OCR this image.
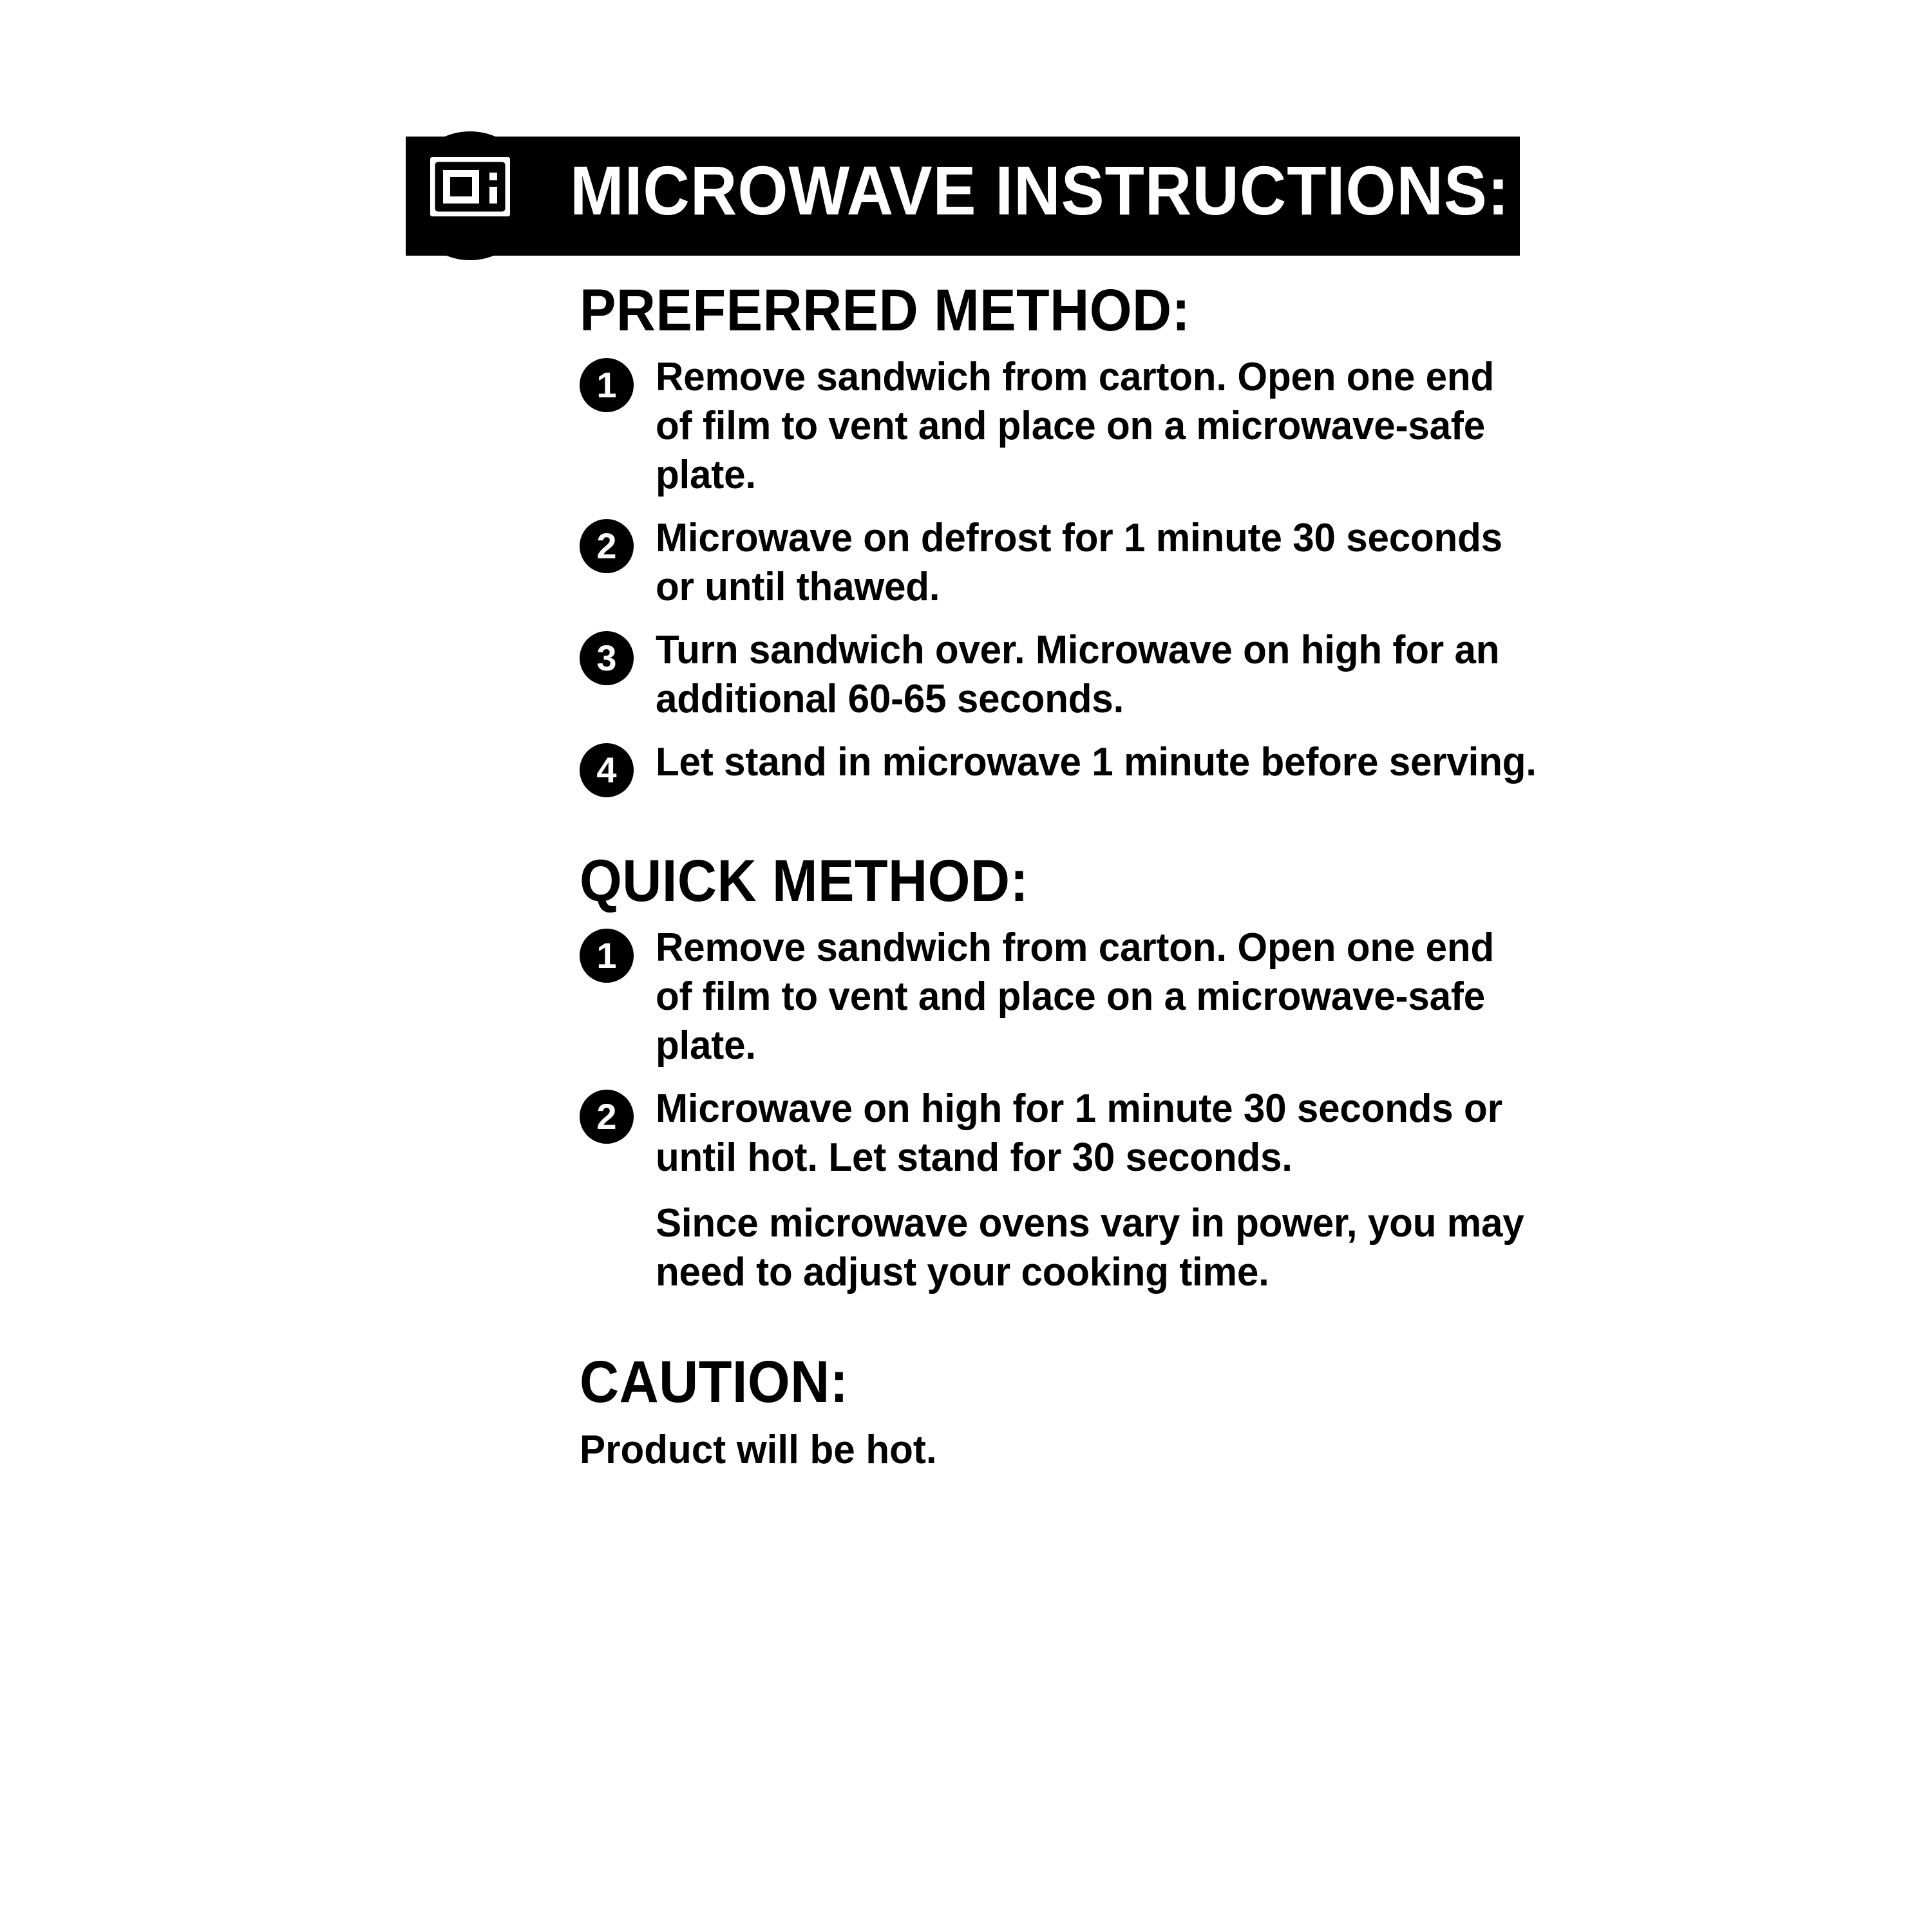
MICROWAVE INSTRUCTIONS:
PREFERRED METHOD:
1 Remove sandwich from carton. Open one end of film to vent and place on a microwave-safe plate.
2 Microwave on defrost for 1 minute 30 seconds or until thawed.
3 Turn sandwich over. Microwave on high for an additional 60-65 seconds.
4 Let stand in microwave 1 minute before serving.
QUICK METHOD:
1 Remove sandwich from carton. Open one end of film to vent and place on a microwave-safe plate.
2 Microwave on high for 1 minute 30 seconds or until hot. Let stand for 30 seconds.

Since microwave ovens vary in power, you may need to adjust your cooking time.

CAUTION:

Product will be hot.
